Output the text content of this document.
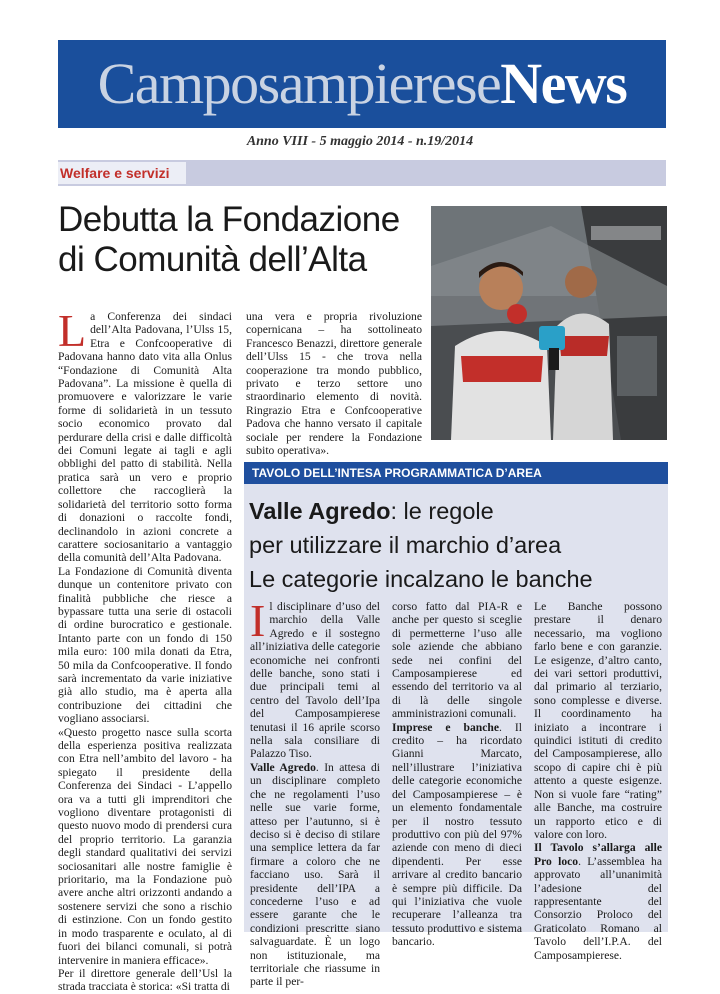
CamposampiereseNews
Anno VIII - 5 maggio 2014 - n.19/2014
Welfare e servizi
Debutta la Fondazione
di Comunità dell’Alta
L a Conferenza dei sindaci dell’Alta Padovana, l’Ulss 15, Etra e Confcooperative di Padovana hanno dato vita alla Onlus “Fondazione di Comunità Alta Padovana”. La missione è quella di promuovere e valorizzare le varie forme di solidarietà in un tessuto socio economico provato dal perdurare della crisi e dalle difficoltà dei Comuni legate ai tagli e agli obblighi del patto di stabilità. Nella pratica sarà un vero e proprio collettore che raccoglierà la solidarietà del territorio sotto forma di donazioni o raccolte fondi, declinandolo in azioni concrete a carattere sociosanitario a vantaggio della comunità dell’Alta Padovana.

La Fondazione di Comunità diventa dunque un contenitore privato con finalità pubbliche che riesce a bypassare tutta una serie di ostacoli di ordine burocratico e gestionale. Intanto parte con un fondo di 150 mila euro: 100 mila donati da Etra, 50 mila da Confcooperative. Il fondo sarà incrementato da varie iniziative già allo studio, ma è aperta alla contribuzione dei cittadini che vogliano associarsi.

«Questo progetto nasce sulla scorta della esperienza positiva realizzata con Etra nell’ambito del lavoro - ha spiegato il presidente della Conferenza dei Sindaci - L’appello ora va a tutti gli imprenditori che vogliono diventare protagonisti di questo nuovo modo di prendersi cura del proprio territorio. La garanzia degli standard qualitativi dei servizi sociosanitari alle nostre famiglie è prioritario, ma la Fondazione può avere anche altri orizzonti andando a sostenere servizi che sono a rischio di estinzione. Con un fondo gestito in modo trasparente e oculato, al di fuori dei bilanci comunali, si potrà intervenire in maniera efficace».

Per il direttore generale dell’Usl la strada tracciata è storica: «Si tratta di

una vera e propria rivoluzione copernicana – ha sottolineato Francesco Benazzi, direttore generale dell’Ulss 15 - che trova nella cooperazione tra mondo pubblico, privato e terzo settore uno straordinario elemento di novità. Ringrazio Etra e Confcooperative Padova che hanno versato il capitale sociale per rendere la Fondazione subito operativa».

TAVOLO DELL’INTESA PROGRAMMATICA D’AREA
Valle Agredo: le regole
per utilizzare il marchio d’area
Le categorie incalzano le banche
I l disciplinare d’uso del marchio della Valle Agredo e il sostegno all’iniziativa delle categorie economiche nei confronti delle banche, sono stati i due principali temi al centro del Tavolo dell’Ipa del Camposampierese tenutasi il 16 aprile scorso nella sala consiliare di Palazzo Tiso.

Valle Agredo. In attesa di un disciplinare completo che ne regolamenti l’uso nelle sue varie forme, atteso per l’autunno, si è deciso si è deciso di stilare una semplice lettera da far firmare a coloro che ne facciano uso. Sarà il presidente dell’IPA a concederne l’uso e ad essere garante che le condizioni prescritte siano salvaguardate. È un logo non istituzionale, ma territoriale che riassume in parte il per-

corso fatto dal PIA-R e anche per questo si sceglie di permetterne l’uso alle sole aziende che abbiano sede nei confini del Camposampierese ed essendo del territorio va al di là delle singole amministrazioni comunali.

Imprese e banche. Il credito – ha ricordato Gianni Marcato, nell’illustrare l’iniziativa delle categorie economiche del Camposampierese – è un elemento fondamentale per il nostro tessuto produttivo con più del 97% aziende con meno di dieci dipendenti. Per esse arrivare al credito bancario è sempre più difficile. Da qui l’iniziativa che vuole recuperare l’alleanza tra tessuto produttivo e sistema bancario.

Le Banche possono prestare il denaro necessario, ma vogliono farlo bene e con garanzie. Le esigenze, d’altro canto, dei vari settori produttivi, dal primario al terziario, sono complesse e diverse. Il coordinamento ha iniziato a incontrare i quindici istituti di credito del Camposampierese, allo scopo di capire chi è più attento a queste esigenze. Non si vuole fare “rating” alle Banche, ma costruire un rapporto etico e di valore con loro.

Il Tavolo s’allarga alle Pro loco. L’assemblea ha approvato all’unanimità l’adesione del rappresentante del Consorzio Proloco del Graticolato Romano al Tavolo dell’I.P.A. del Camposampierese.
